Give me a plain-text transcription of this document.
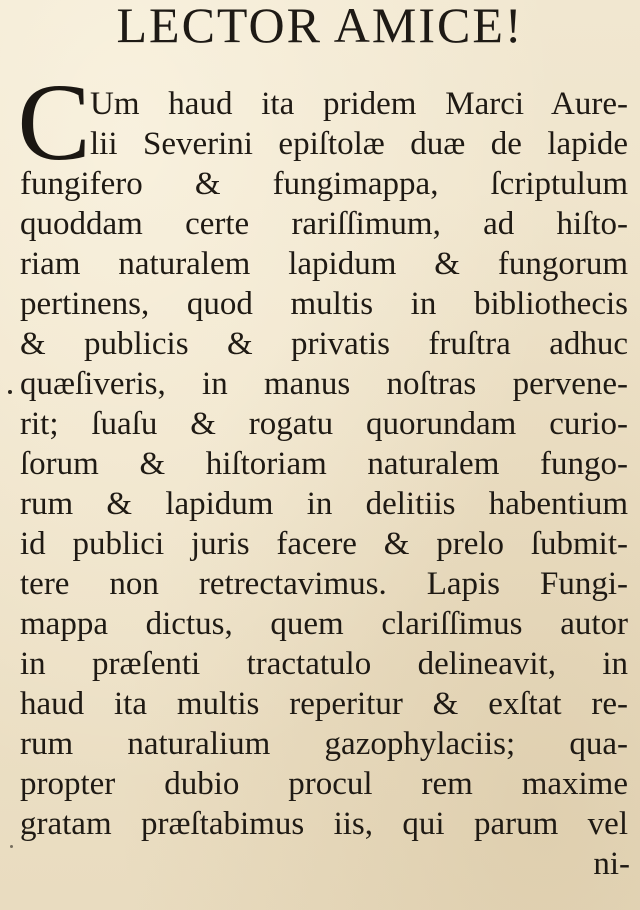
LECTOR AMICE!
C Um haud ita pridem Marci Aure-
lii Severini epiſtolæ duæ de lapide
fungifero & fungimappa, ſcriptulum
quoddam certe rariſſimum, ad hiſto-
riam naturalem lapidum & fungorum
pertinens, quod multis in bibliothecis
& publicis & privatis fruſtra adhuc
quæſiveris, in manus noſtras pervene-
rit; ſuaſu & rogatu quorundam curio-
ſorum & hiſtoriam naturalem fungo-
rum & lapidum in delitiis habentium
id publici juris facere & prelo ſubmit-
tere non retrectavimus. Lapis Fungi-
mappa dictus, quem clariſſimus autor
in præſenti tractatulo delineavit, in
haud ita multis reperitur & exſtat re-
rum naturalium gazophylaciis; qua-
propter dubio procul rem maxime
gratam præſtabimus iis, qui parum vel
ni-
